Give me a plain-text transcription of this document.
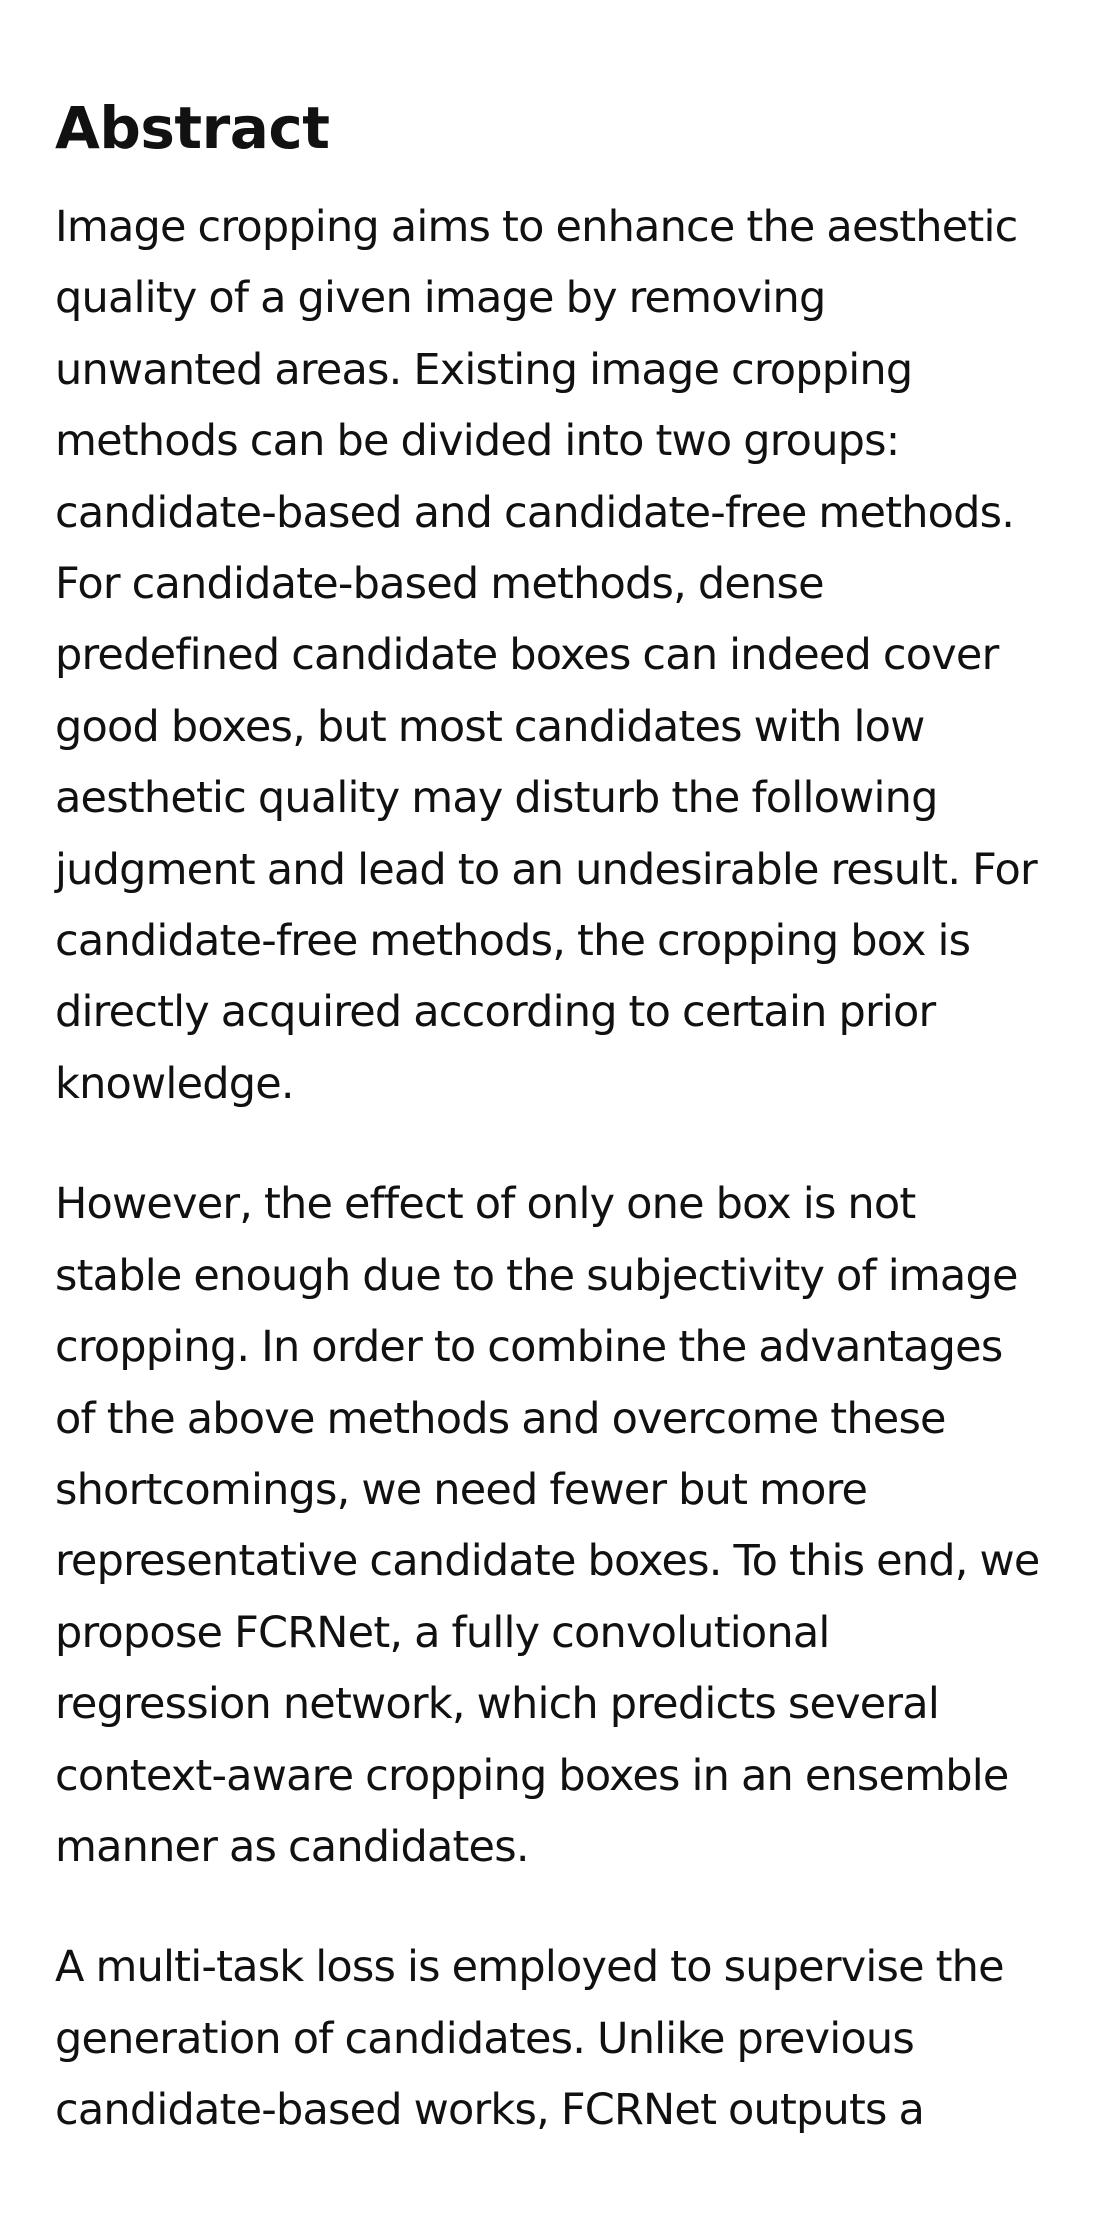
Abstract

Image cropping aims to enhance the aesthetic
quality of a given image by removing
unwanted areas. Existing image cropping
methods can be divided into two groups:
candidate-based and candidate-free methods.
For candidate-based methods, dense
predefined candidate boxes can indeed cover
good boxes, but most candidates with low
aesthetic quality may disturb the following
judgment and lead to an undesirable result. For
candidate-free methods, the cropping box is
directly acquired according to certain prior
knowledge.

However, the effect of only one box is not
stable enough due to the subjectivity of image
cropping. In order to combine the advantages
of the above methods and overcome these
shortcomings, we need fewer but more
representative candidate boxes. To this end, we
propose FCRNet, a fully convolutional
regression network, which predicts several
context-aware cropping boxes in an ensemble
manner as candidates.

A multi-task loss is employed to supervise the
generation of candidates. Unlike previous
candidate-based works, FCRNet outputs a
